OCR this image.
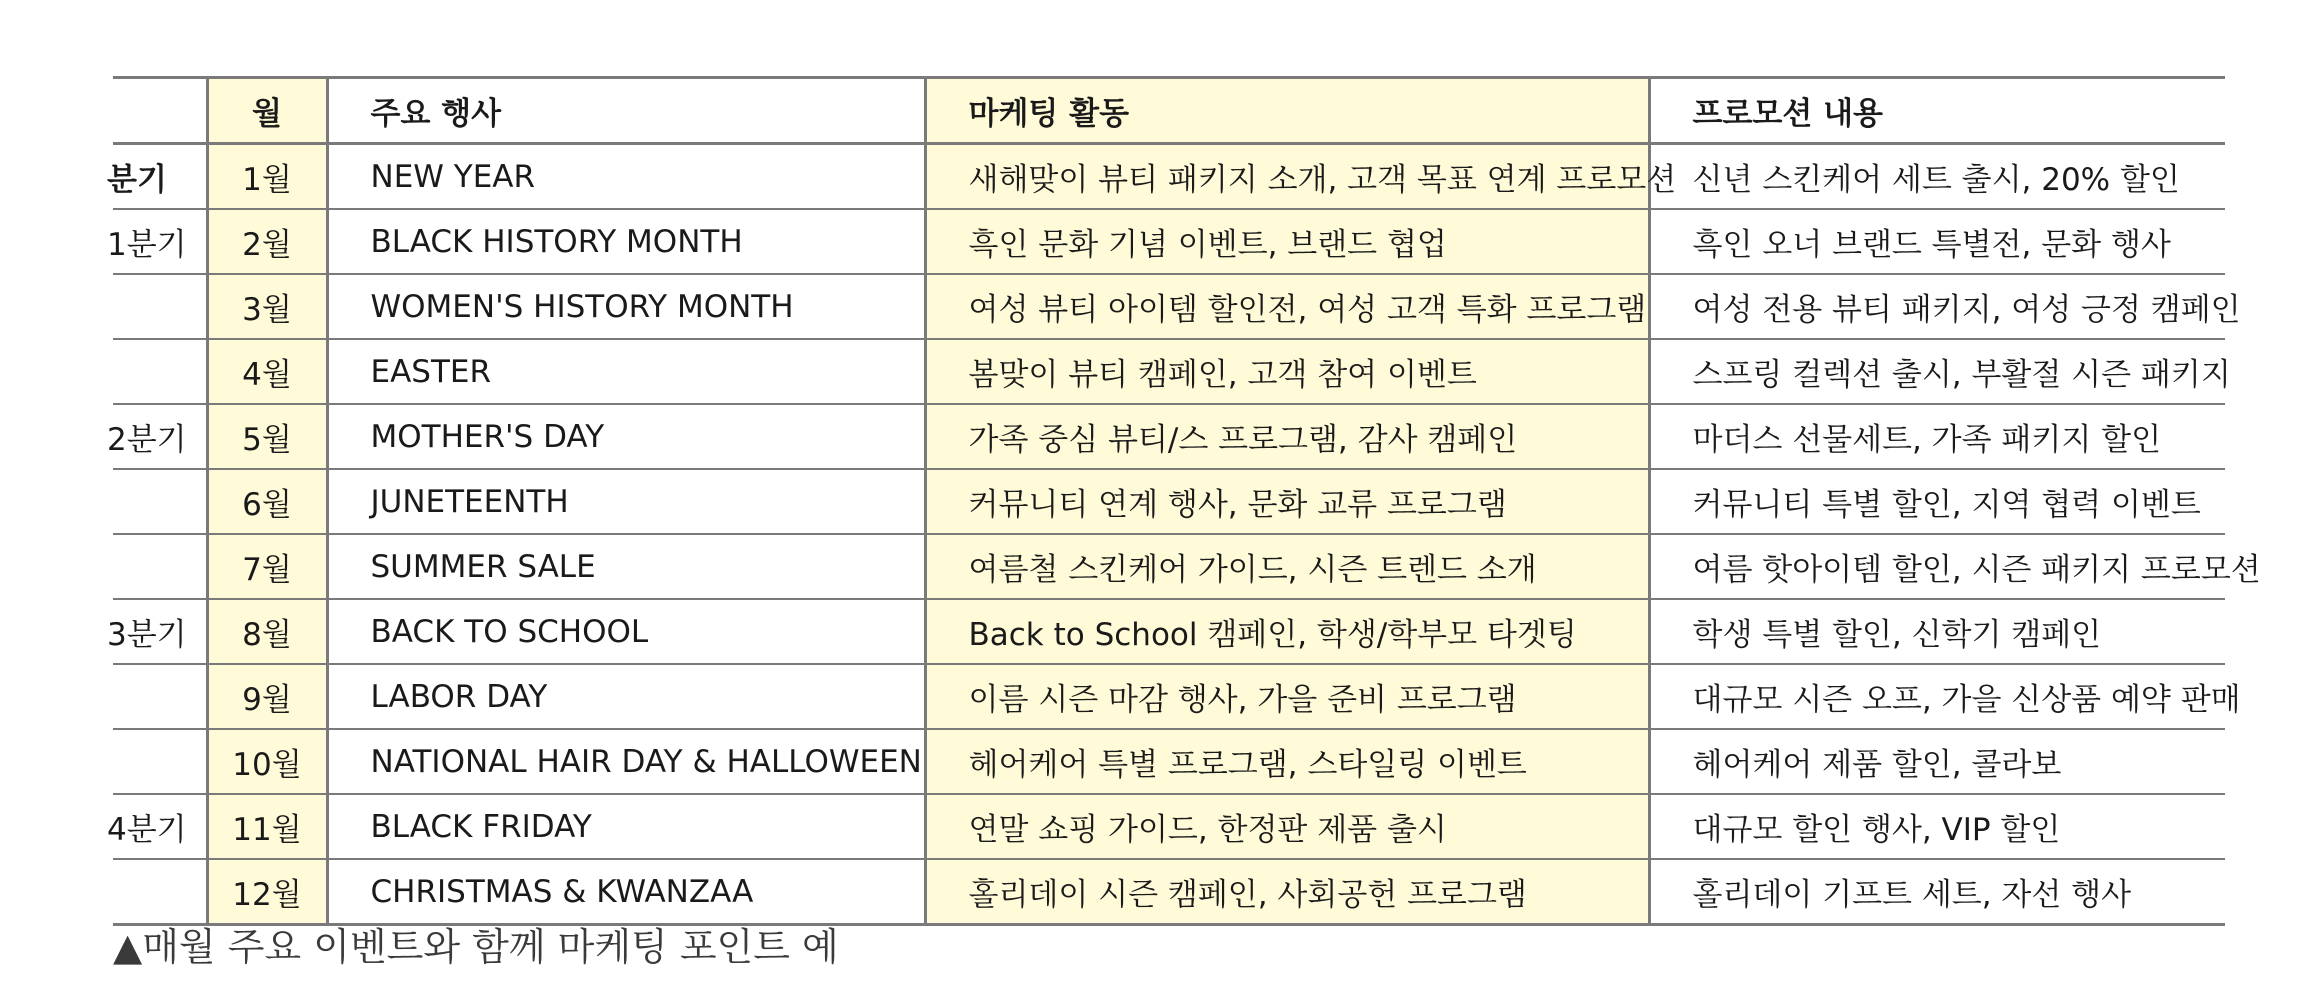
	월	주요 행사	마케팅 활동	프로모션 내용
분기	1월	NEW YEAR	새해맞이 뷰티 패키지 소개, 고객 목표 연계 프로모션	신년 스킨케어 세트 출시, 20% 할인
1분기	2월	BLACK HISTORY MONTH	흑인 문화 기념 이벤트, 브랜드 협업	흑인 오너 브랜드 특별전, 문화 행사
	3월	WOMEN'S HISTORY MONTH	여성 뷰티 아이템 할인전, 여성 고객 특화 프로그램	여성 전용 뷰티 패키지, 여성 긍정 캠페인
	4월	EASTER	봄맞이 뷰티 캠페인, 고객 참여 이벤트	스프링 컬렉션 출시, 부활절 시즌 패키지
2분기	5월	MOTHER'S DAY	가족 중심 뷰티/스 프로그램, 감사 캠페인	마더스 선물세트, 가족 패키지 할인
	6월	JUNETEENTH	커뮤니티 연계 행사, 문화 교류 프로그램	커뮤니티 특별 할인, 지역 협력 이벤트
	7월	SUMMER SALE	여름철 스킨케어 가이드, 시즌 트렌드 소개	여름 핫아이템 할인, 시즌 패키지 프로모션
3분기	8월	BACK TO SCHOOL	Back to School 캠페인, 학생/학부모 타겟팅	학생 특별 할인, 신학기 캠페인
	9월	LABOR DAY	이름 시즌 마감 행사, 가을 준비 프로그램	대규모 시즌 오프, 가을 신상품 예약 판매
	10월	NATIONAL HAIR DAY & HALLOWEEN	헤어케어 특별 프로그램, 스타일링 이벤트	헤어케어 제품 할인, 콜라보
4분기	11월	BLACK FRIDAY	연말 쇼핑 가이드, 한정판 제품 출시	대규모 할인 행사, VIP 할인
	12월	CHRISTMAS & KWANZAA	홀리데이 시즌 캠페인, 사회공헌 프로그램	홀리데이 기프트 세트, 자선 행사
▲매월 주요 이벤트와 함께 마케팅 포인트 예
